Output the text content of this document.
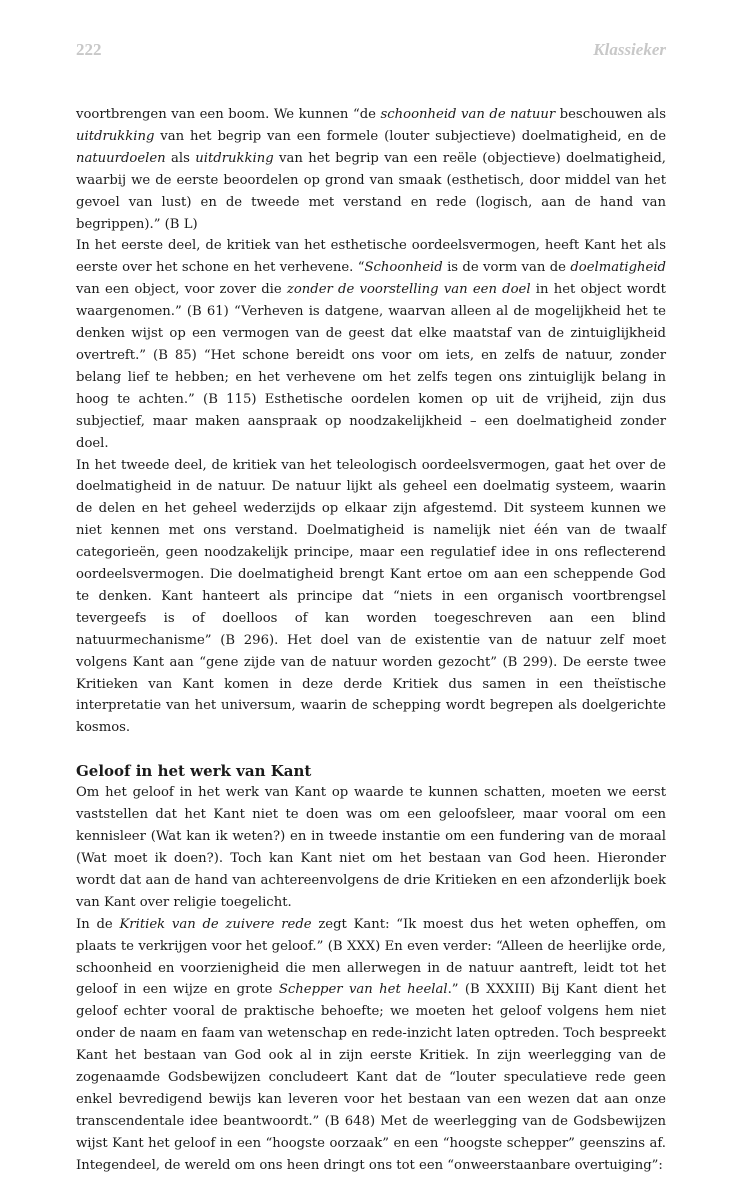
222	Klassieker

voortbrengen van een boom. We kunnen “de schoonheid van de natuur beschouwen als uitdrukking van het begrip van een formele (louter subjectieve) doelmatigheid, en de natuurdoelen als uitdrukking van het begrip van een reële (objectieve) doelmatigheid, waarbij we de eerste beoordelen op grond van smaak (esthetisch, door middel van het gevoel van lust) en de tweede met verstand en rede (logisch, aan de hand van begrippen).” (B L)

In het eerste deel, de kritiek van het esthetische oordeelsvermogen, heeft Kant het als eerste over het schone en het verhevene. “Schoonheid is de vorm van de doelmatigheid van een object, voor zover die zonder de voorstelling van een doel in het object wordt waargenomen.” (B 61) “Verheven is datgene, waarvan alleen al de mogelijkheid het te denken wijst op een vermogen van de geest dat elke maatstaf van de zintuiglijkheid overtreft.” (B 85) “Het schone bereidt ons voor om iets, en zelfs de natuur, zonder belang lief te hebben; en het verhevene om het zelfs tegen ons zintuiglijk belang in hoog te achten.” (B 115) Esthetische oordelen komen op uit de vrijheid, zijn dus subjectief, maar maken aanspraak op noodzakelijkheid – een doelmatigheid zonder doel.

In het tweede deel, de kritiek van het teleologisch oordeelsvermogen, gaat het over de doelmatigheid in de natuur. De natuur lijkt als geheel een doelmatig systeem, waarin de delen en het geheel wederzijds op elkaar zijn afgestemd. Dit systeem kunnen we niet kennen met ons verstand. Doelmatigheid is namelijk niet één van de twaalf categorieën, geen noodzakelijk principe, maar een regulatief idee in ons reflecterend oordeelsvermogen. Die doelmatigheid brengt Kant ertoe om aan een scheppende God te denken. Kant hanteert als principe dat “niets in een organisch voortbrengsel tevergeefs is of doelloos of kan worden toegeschreven aan een blind natuurmechanisme” (B 296). Het doel van de existentie van de natuur zelf moet volgens Kant aan “gene zijde van de natuur worden gezocht” (B 299). De eerste twee Kritieken van Kant komen in deze derde Kritiek dus samen in een theïstische interpretatie van het universum, waarin de schepping wordt begrepen als doelgerichte kosmos.

Geloof in het werk van Kant

Om het geloof in het werk van Kant op waarde te kunnen schatten, moeten we eerst vaststellen dat het Kant niet te doen was om een geloofsleer, maar vooral om een kennisleer (Wat kan ik weten?) en in tweede instantie om een fundering van de moraal (Wat moet ik doen?). Toch kan Kant niet om het bestaan van God heen. Hieronder wordt dat aan de hand van achtereenvolgens de drie Kritieken en een afzonderlijk boek van Kant over religie toegelicht.

In de Kritiek van de zuivere rede zegt Kant: “Ik moest dus het weten opheffen, om plaats te verkrijgen voor het geloof.” (B XXX) En even verder: “Alleen de heerlijke orde, schoonheid en voorzienigheid die men allerwegen in de natuur aantreft, leidt tot het geloof in een wijze en grote Schepper van het heelal.” (B XXXIII) Bij Kant dient het geloof echter vooral de praktische behoefte; we moeten het geloof volgens hem niet onder de naam en faam van wetenschap en rede-inzicht laten optreden. Toch bespreekt Kant het bestaan van God ook al in zijn eerste Kritiek. In zijn weerlegging van de zogenaamde Godsbewijzen concludeert Kant dat de “louter speculatieve rede geen enkel bevredigend bewijs kan leveren voor het bestaan van een wezen dat aan onze transcendentale idee beantwoordt.” (B 648) Met de weerlegging van de Godsbewijzen wijst Kant het geloof in een “hoogste oorzaak” en een “hoogste schepper” geenszins af. Integendeel, de wereld om ons heen dringt ons tot een “onweerstaanbare overtuiging”:
